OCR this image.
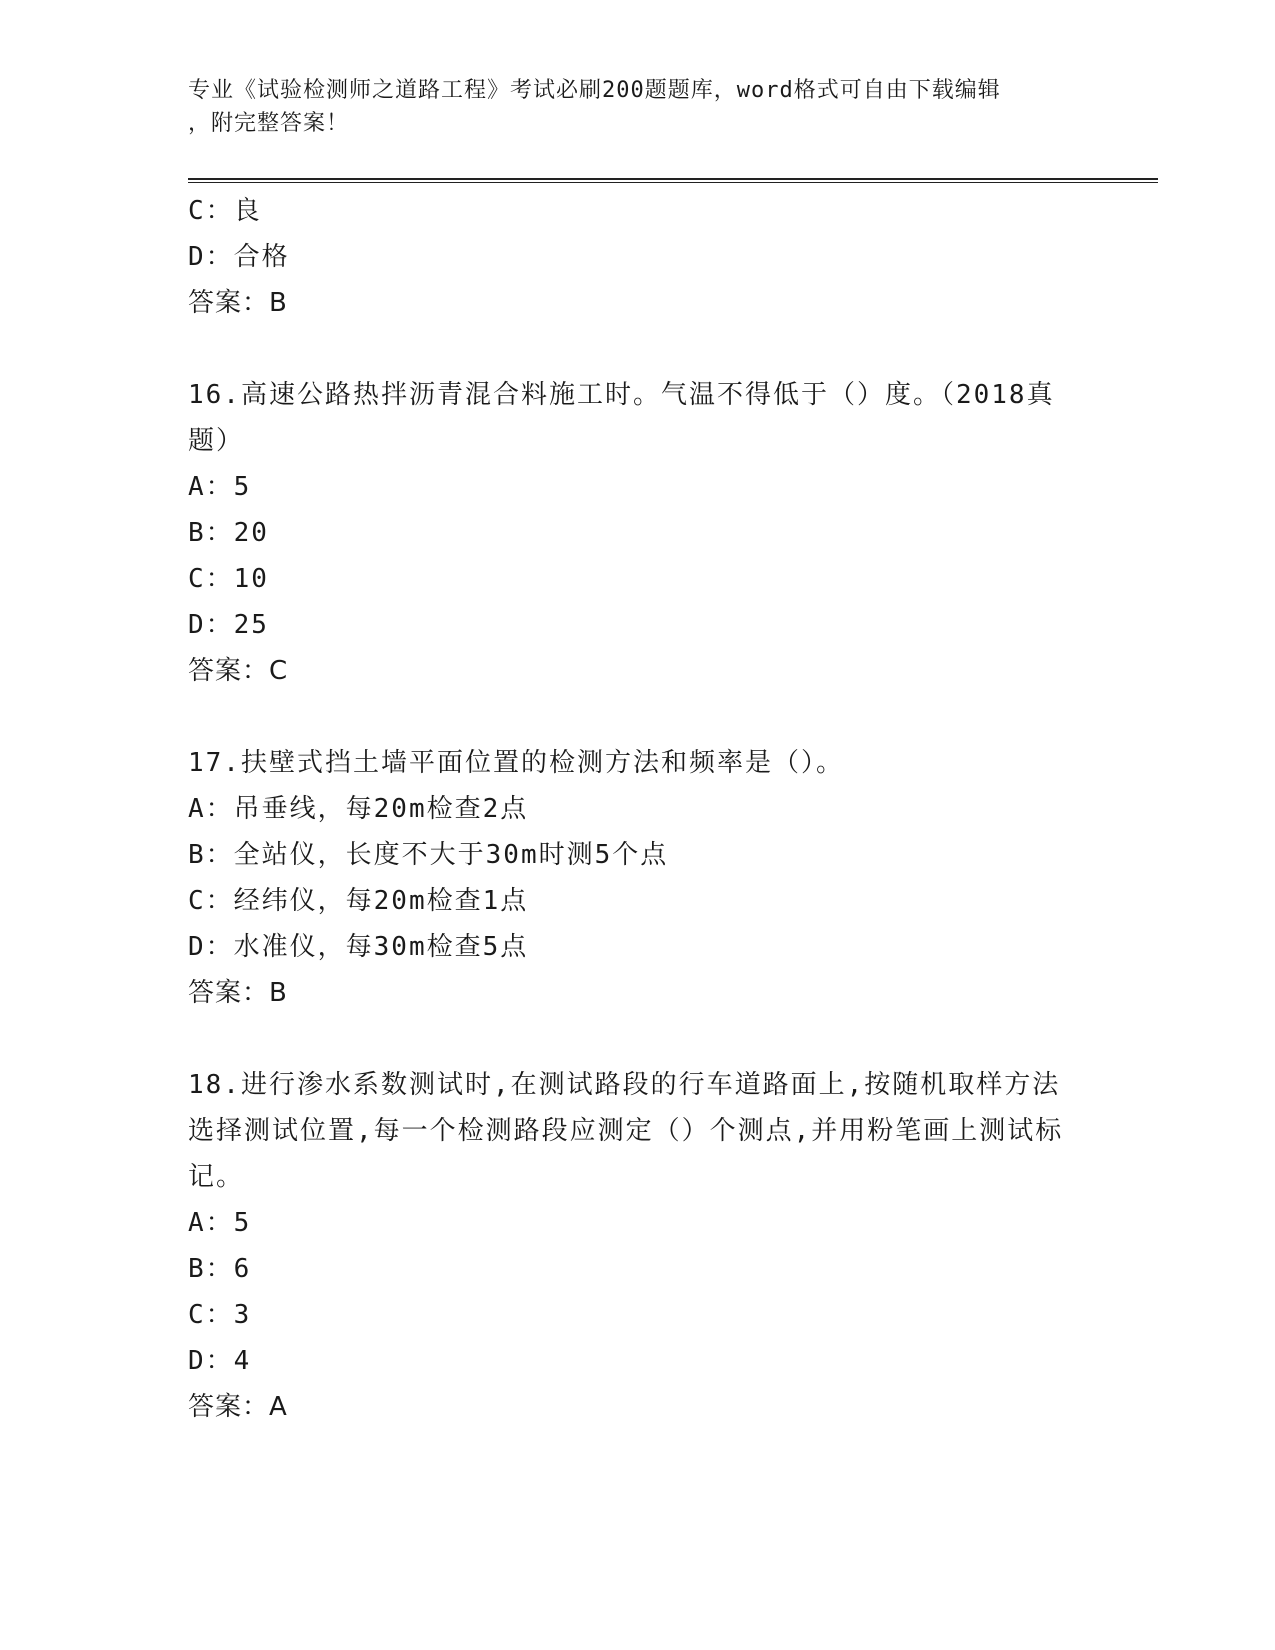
专业《试验检测师之道路工程》考试必刷200题题库，word格式可自由下载编辑
，附完整答案！
C：良
D：合格
答案：B
16.高速公路热拌沥青混合料施工时。气温不得低于（）度。（2018真题）
A：5
B：20
C：10
D：25
答案：C
17.扶壁式挡土墙平面位置的检测方法和频率是（）。
A：吊垂线，每20m检查2点
B：全站仪，长度不大于30m时测5个点
C：经纬仪，每20m检查1点
D：水准仪，每30m检查5点
答案：B
18.进行渗水系数测试时,在测试路段的行车道路面上,按随机取样方法选择测试位置,每一个检测路段应测定（）个测点,并用粉笔画上测试标记。
A：5
B：6
C：3
D：4
答案：A
